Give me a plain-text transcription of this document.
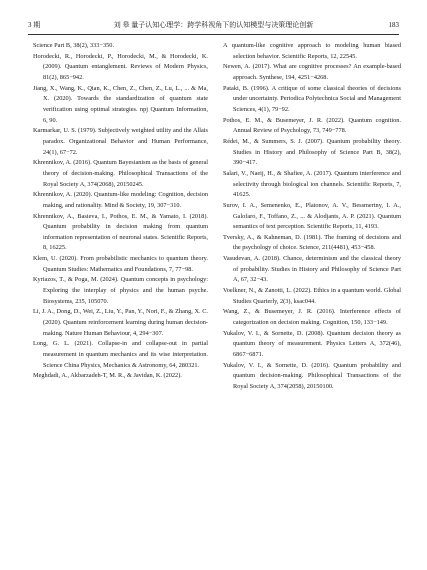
3 期	刘 皋 量子认知心理学：跨学科视角下的认知模型与决策理论创新	183

Science Part B, 38(2), 333−350.

Horodecki, R., Horodecki, P., Horodecki, M., & Horodecki, K. (2009). Quantum entanglement. Reviews of Modern Physics, 81(2), 865−942.

Jiang, X., Wang, K., Qian, K., Chen, Z., Chen, Z., Lu, L., ... & Ma, X. (2020). Towards the standardization of quantum state verification using optimal strategies. npj Quantum Information, 6, 90.

Karmarkar, U. S. (1979). Subjectively weighted utility and the Allais paradox. Organizational Behavior and Human Performance, 24(1), 67−72.

Khrennikov, A. (2016). Quantum Bayesianism as the basis of general theory of decision-making. Philosophical Transactions of the Royal Society A, 374(2068), 20150245.

Khrennikov, A. (2020). Quantum-like modeling: Cognition, decision making, and rationality. Mind & Society, 19, 307−310.

Khrennikov, A., Basieva, I., Pothos, E. M., & Yamato, I. (2018). Quantum probability in decision making from quantum information representation of neuronal states. Scientific Reports, 8, 16225.

Klem, U. (2020). From probabilistic mechanics to quantum theory. Quantum Studies: Mathematics and Foundations, 7, 77−98.

Kyriazos, T., & Poga, M. (2024). Quantum concepts in psychology: Exploring the interplay of physics and the human psyche. Biosystems, 235, 105070.

Li, J. A., Dong, D., Wei, Z., Liu, Y., Pan, Y., Nori, F., & Zhang, X. C. (2020). Quantum reinforcement learning during human decision-making. Nature Human Behaviour, 4, 294−307.

Long, G. L. (2021). Collapse-in and collapse-out in partial measurement in quantum mechanics and its wise interpretation. Science China Physics, Mechanics & Astronomy, 64, 280321.

Meghdadi, A., Akbarzadeh-T, M. R., & Javidan, K. (2022).

A quantum-like cognitive approach to modeling human biased selection behavior. Scientific Reports, 12, 22545.

Newen, A. (2017). What are cognitive processes? An example-based approach. Synthese, 194, 4251−4268.

Pataki, B. (1996). A critique of some classical theories of decisions under uncertainty. Periodica Polytechnica Social and Management Sciences, 4(1), 79−92.

Pothos, E. M., & Busemeyer, J. R. (2022). Quantum cognition. Annual Review of Psychology, 73, 749−778.

Rédei, M., & Summers, S. J. (2007). Quantum probability theory. Studies in History and Philosophy of Science Part B, 38(2), 390−417.

Salari, V., Naeij, H., & Shafiee, A. (2017). Quantum interference and selectivity through biological ion channels. Scientific Reports, 7, 41625.

Surov, I. A., Semenenko, E., Platonov, A. V., Bessmertny, I. A., Galofaro, F., Toffano, Z., ... & Alodjants, A. P. (2021). Quantum semantics of text perception. Scientific Reports, 11, 4193.

Tversky, A., & Kahneman, D. (1981). The framing of decisions and the psychology of choice. Science, 211(4481), 453−458.

Vasudevan, A. (2018). Chance, determinism and the classical theory of probability. Studies in History and Philosophy of Science Part A, 67, 32−43.

Voelkner, N., & Zanotti, L. (2022). Ethics in a quantum world. Global Studies Quarterly, 2(3), ksac044.

Wang, Z., & Busemeyer, J. R. (2016). Interference effects of categorization on decision making. Cognition, 150, 133−149.

Yukalov, V. I., & Sornette, D. (2008). Quantum decision theory as quantum theory of measurement. Physics Letters A, 372(46), 6867−6871.

Yukalov, V. I., & Sornette, D. (2016). Quantum probability and quantum decision-making. Philosophical Transactions of the Royal Society A, 374(2058), 20150100.
